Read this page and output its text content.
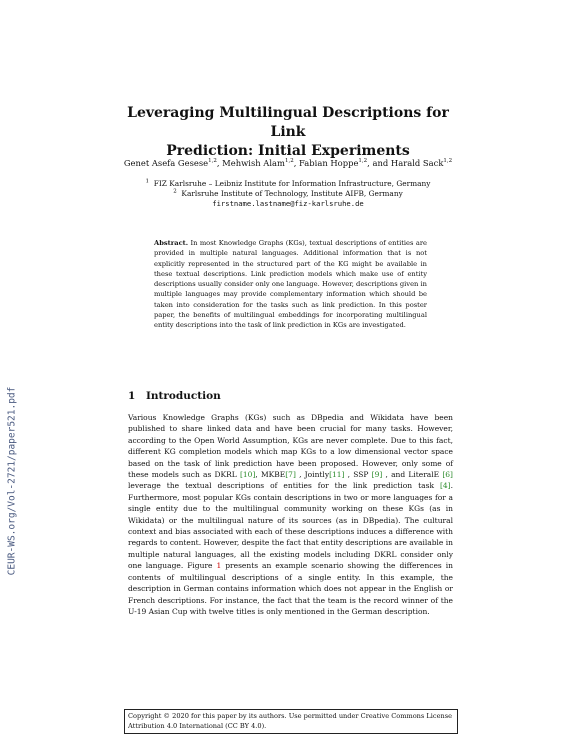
CEUR-WS.org/Vol-2721/paper521.pdf
Leveraging Multilingual Descriptions for Link
Prediction: Initial Experiments
Genet Asefa Gesese$^{1,2}$, Mehwish Alam$^{1,2}$, Fabian Hoppe$^{1,2}$, and Harald Sack$^{1,2}$
$^1$ FIZ Karlsruhe – Leibniz Institute for Information Infrastructure, Germany
$^2$ Karlsruhe Institute of Technology, Institute AIFB, Germany
firstname.lastname@fiz-karlsruhe.de
Abstract. In most Knowledge Graphs (KGs), textual descriptions of entities are provided in multiple natural languages. Additional information that is not explicitly represented in the structured part of the KG might be available in these textual descriptions. Link prediction models which make use of entity descriptions usually consider only one language. However, descriptions given in multiple languages may provide complementary information which should be taken into consideration for the tasks such as link prediction. In this poster paper, the benefits of multilingual embeddings for incorporating multilingual entity descriptions into the task of link prediction in KGs are investigated.
1 Introduction
Various Knowledge Graphs (KGs) such as DBpedia and Wikidata have been published to share linked data and have been crucial for many tasks. However, according to the Open World Assumption, KGs are never complete. Due to this fact, different KG completion models which map KGs to a low dimensional vector space based on the task of link prediction have been proposed. However, only some of these models such as DKRL [10], MKBE[7] , Jointly[11] , SSP [9] , and LiteralE [6] leverage the textual descriptions of entities for the link prediction task [4]. Furthermore, most popular KGs contain descriptions in two or more languages for a single entity due to the multilingual community working on these KGs (as in Wikidata) or the multilingual nature of its sources (as in DBpedia). The cultural context and bias associated with each of these descriptions induces a difference with regards to content. However, despite the fact that entity descriptions are available in multiple natural languages, all the existing models including DKRL consider only one language. Figure 1 presents an example scenario showing the differences in contents of multilingual descriptions of a single entity. In this example, the description in German contains information which does not appear in the English or French descriptions. For instance, the fact that the team is the record winner of the U-19 Asian Cup with twelve titles is only mentioned in the German description.
Copyright © 2020 for this paper by its authors. Use permitted under Creative Commons License Attribution 4.0 International (CC BY 4.0).
